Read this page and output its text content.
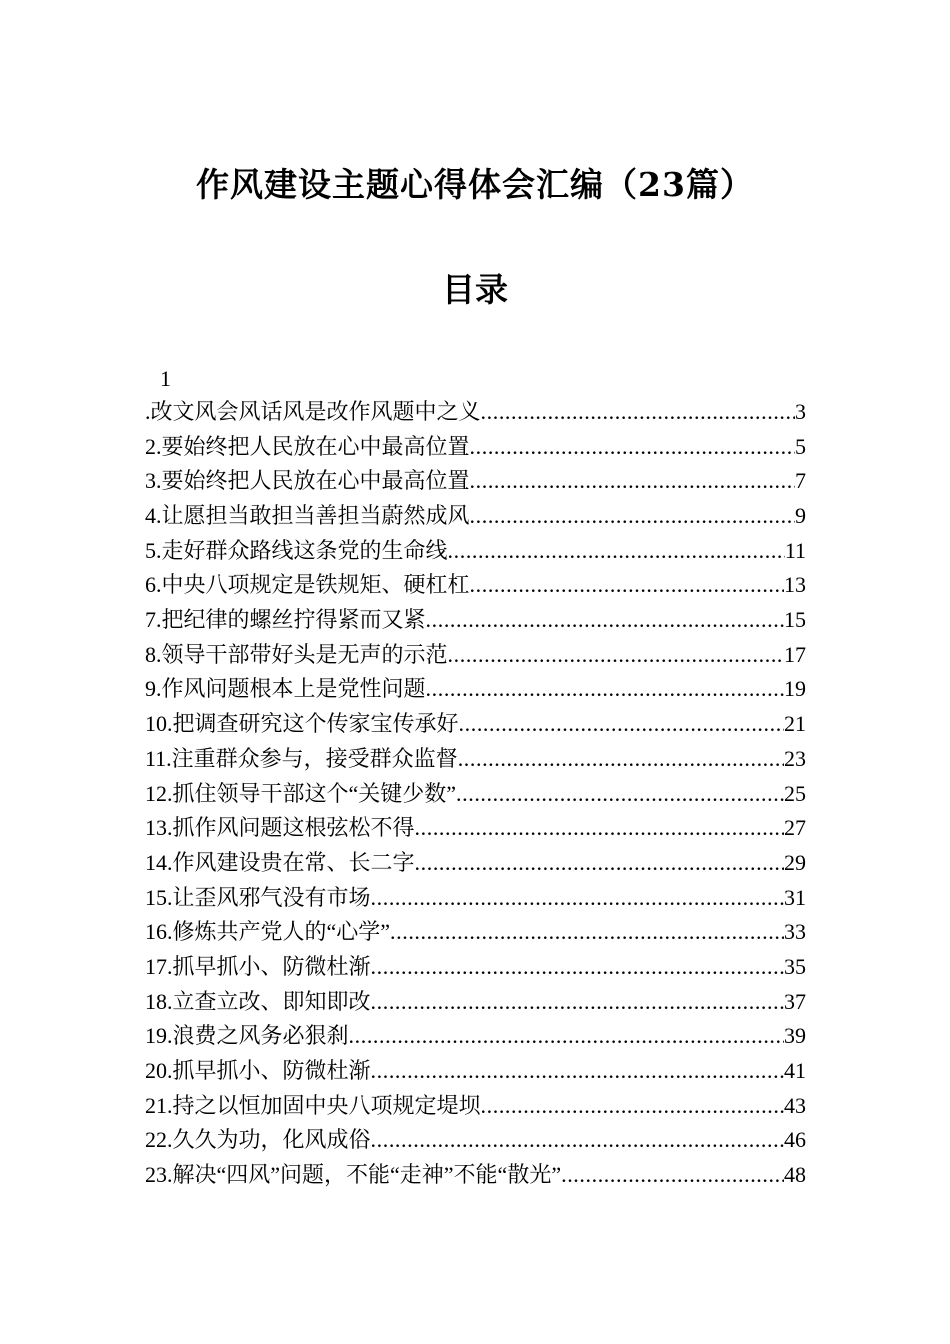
作风建设主题心得体会汇编（23篇）
目录
1
.改文风会风话风是改作风题中之义 .....	3
2.要始终把人民放在心中最高位置 .....	5
3.要始终把人民放在心中最高位置 .....	7
4.让愿担当敢担当善担当蔚然成风 .....	9
5.走好群众路线这条党的生命线 .....	11
6.中央八项规定是铁规矩、硬杠杠 .....	13
7.把纪律的螺丝拧得紧而又紧 .....	15
8.领导干部带好头是无声的示范 .....	17
9.作风问题根本上是党性问题 .....	19
10.把调查研究这个传家宝传承好 .....	21
11.注重群众参与，接受群众监督 .....	23
12.抓住领导干部这个“关键少数” .....	25
13.抓作风问题这根弦松不得 .....	27
14.作风建设贵在常、长二字 .....	29
15.让歪风邪气没有市场 .....	31
16.修炼共产党人的“心学” .....	33
17.抓早抓小、防微杜渐 .....	35
18.立查立改、即知即改 .....	37
19.浪费之风务必狠刹 .....	39
20.抓早抓小、防微杜渐 .....	41
21.持之以恒加固中央八项规定堤坝 .....	43
22.久久为功，化风成俗 .....	46
23.解决“四风”问题，不能“走神”不能“散光” .....	48
